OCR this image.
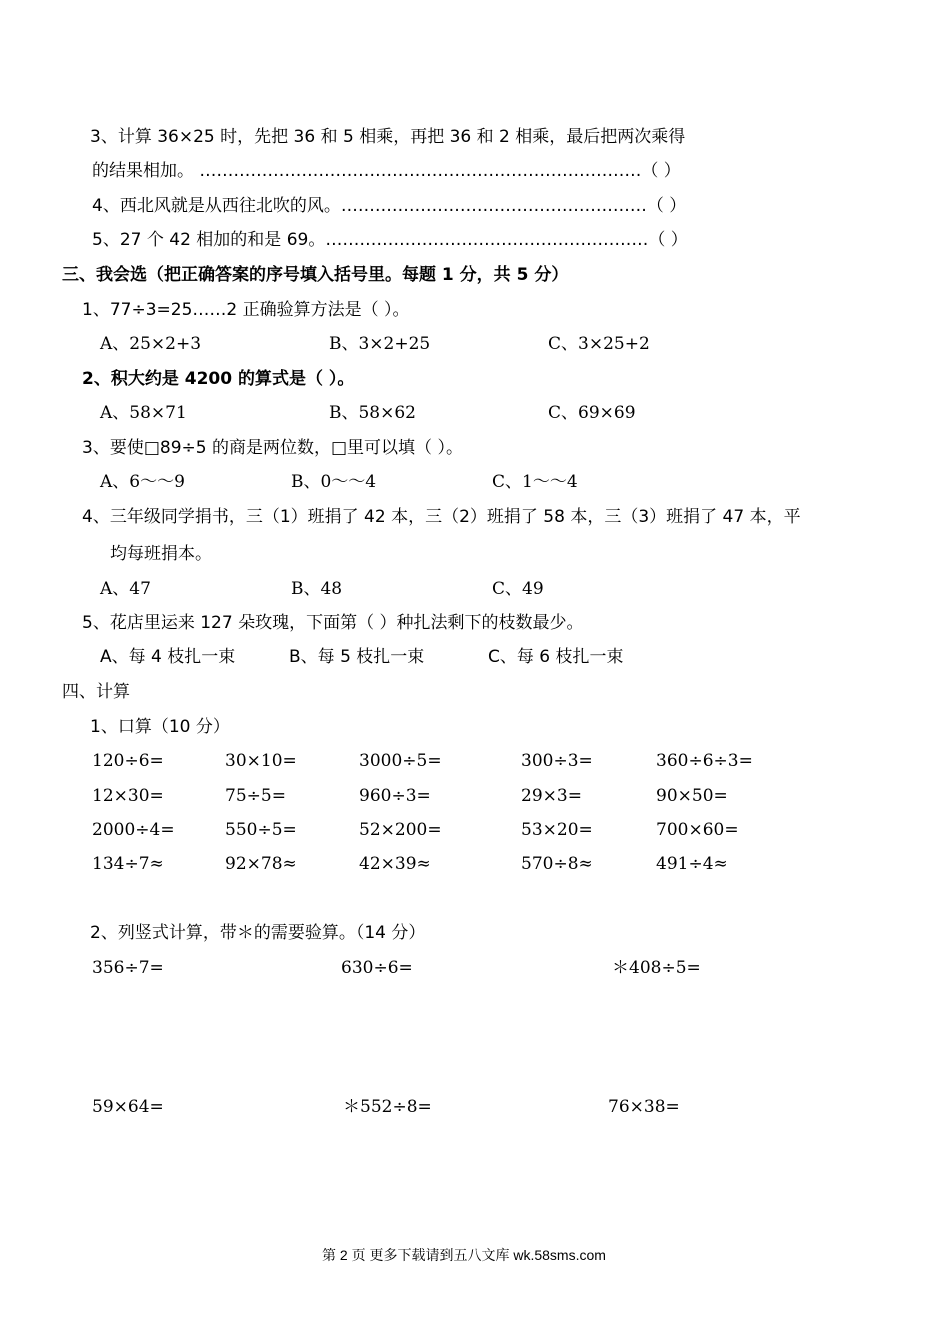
3、计算 36×25 时，先把 36 和 5 相乘，再把 36 和 2 相乘，最后把两次乘得
的结果相加。 ……………………………………………………………………（ ）
4、西北风就是从西往北吹的风。………………………………………………（ ）
5、27 个 42 相加的和是 69。…………………………………………………（ ）
三、我会选（把正确答案的序号填入括号里。每题 1 分，共 5 分）
1、77÷3=25……2 正确验算方法是（ ）。
A、25×2+3	B、3×2+25	C、3×25+2
2、积大约是 4200 的算式是（ ）。
A、58×71	B、58×62	C、69×69
3、要使□89÷5 的商是两位数，□里可以填（ ）。
A、6～～9	B、0～～4	C、1～～4
4、三年级同学捐书，三（1）班捐了 42 本，三（2）班捐了 58 本，三（3）班捐了 47 本，平
均每班捐本。
A、47	B、48	C、49
5、花店里运来 127 朵玫瑰，下面第（ ）种扎法剩下的枝数最少。
A、每 4 枝扎一束	B、每 5 枝扎一束	C、每 6 枝扎一束
四、计算
1、口算（10 分）
120÷6=	30×10=	3000÷5=	300÷3=	360÷6÷3=
12×30=	75÷5=	960÷3=	29×3=	90×50=
2000÷4=	550÷5=	52×200=	53×20=	700×60=
134÷7≈	92×78≈	42×39≈	570÷8≈	491÷4≈
2、列竖式计算，带＊的需要验算。（14 分）
356÷7=	630÷6=	＊408÷5=
59×64=	＊552÷8=	76×38=
第 2 页 更多下载请到五八文库 wk.58sms.com
